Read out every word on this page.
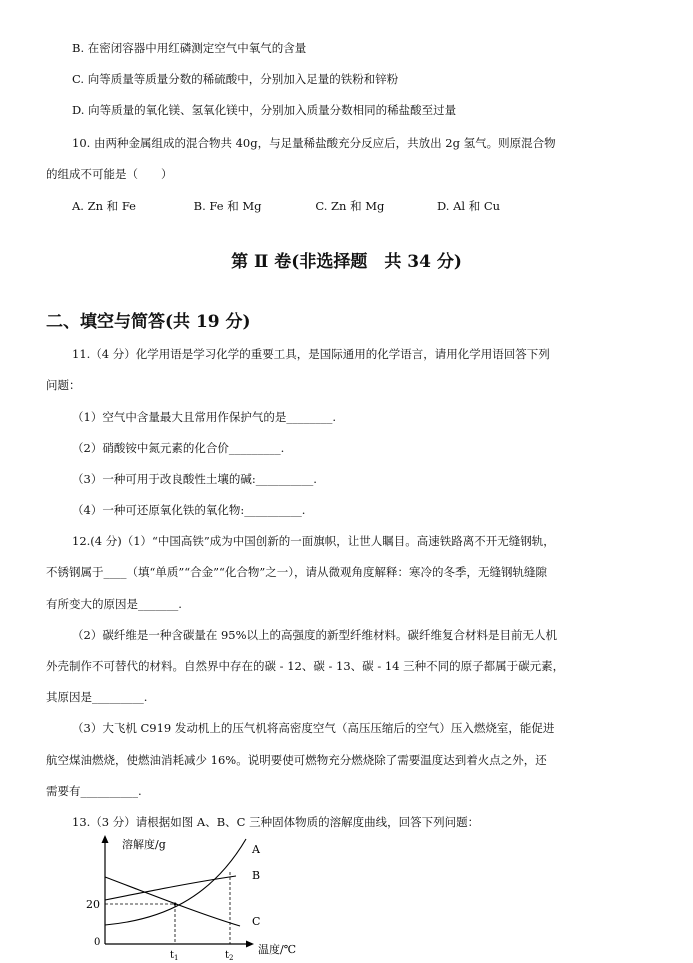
B. 在密闭容器中用红磷测定空气中氧气的含量
C. 向等质量等质量分数的稀硫酸中，分别加入足量的铁粉和锌粉
D. 向等质量的氧化镁、氢氧化镁中，分别加入质量分数相同的稀盐酸至过量
10. 由两种金属组成的混合物共 40g，与足量稀盐酸充分反应后，共放出 2g 氢气。则原混合物
的组成不可能是（　　）
A. Zn 和 Fe	B. Fe 和 Mg	C. Zn 和 Mg	D. Al 和 Cu
第 Ⅱ 卷(非选择题　共 34 分)
二、填空与简答(共 19 分)
11.（4 分）化学用语是学习化学的重要工具，是国际通用的化学语言，请用化学用语回答下列
问题：
（1）空气中含量最大且常用作保护气的是________.
（2）硝酸铵中氮元素的化合价_________.
（3）一种可用于改良酸性土壤的碱:__________.
（4）一种可还原氧化铁的氧化物:__________.
12.(4 分)（1）“中国高铁”成为中国创新的一面旗帜，让世人瞩目。高速铁路离不开无缝钢轨，
不锈钢属于____（填“单质”“合金”“化合物”之一），请从微观角度解释：寒冷的冬季，无缝钢轨缝隙
有所变大的原因是_______.
（2）碳纤维是一种含碳量在 95%以上的高强度的新型纤维材料。碳纤维复合材料是目前无人机
外壳制作不可替代的材料。自然界中存在的碳 - 12、碳 - 13、碳 - 14 三种不同的原子都属于碳元素，
其原因是_________.
（3）大飞机 C919 发动机上的压气机将高密度空气（高压压缩后的空气）压入燃烧室，能促进
航空煤油燃烧，使燃油消耗减少 16%。说明要使可燃物充分燃烧除了需要温度达到着火点之外，还
需要有__________.
13.（3 分）请根据如图 A、B、C 三种固体物质的溶解度曲线，回答下列问题：
溶解度/g
温度/℃
0
20
$t_1$	$t_2$
A
B
C
